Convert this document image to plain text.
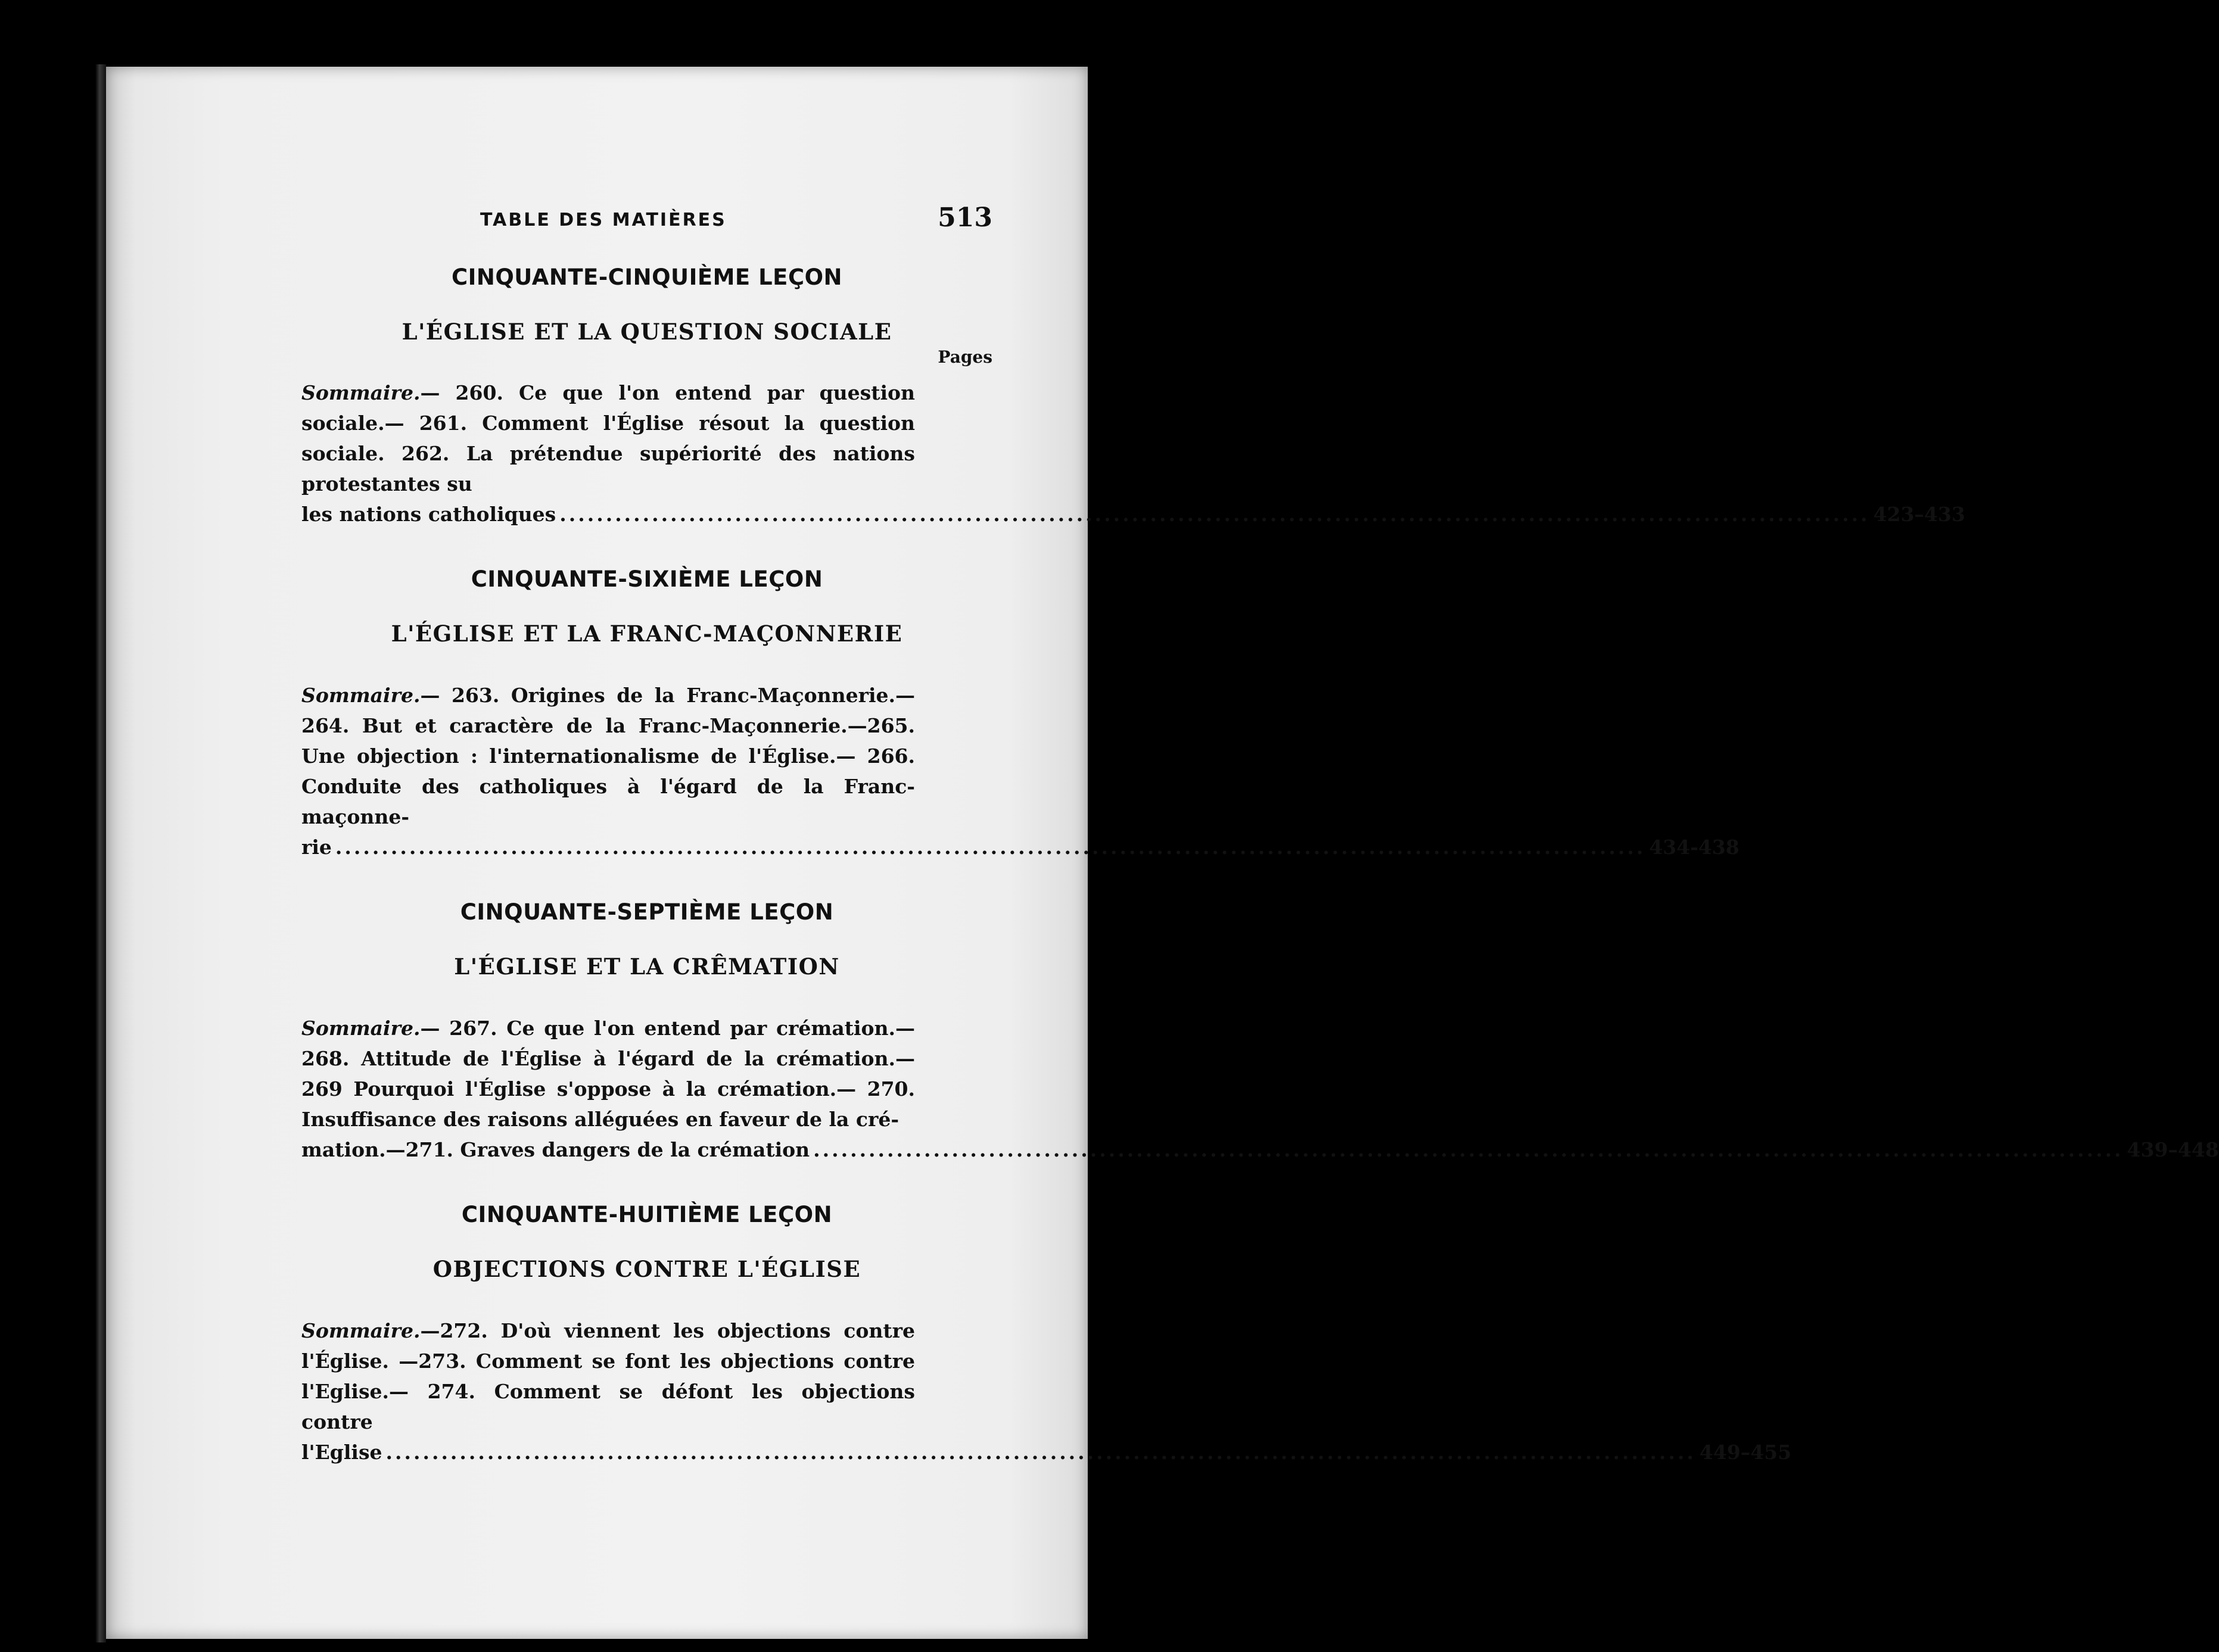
TABLE DES MATIÈRES	513
CINQUANTE-CINQUIÈME LEÇON
L'ÉGLISE ET LA QUESTION SOCIALE
Pages
Sommaire.— 260. Ce que l'on entend par question sociale.— 261. Comment l'Église résout la question sociale. 262. La prétendue supériorité des nations protestantes su
les nations catholiques .............................................................................................................................................. 423–433
CINQUANTE-SIXIÈME LEÇON
L'ÉGLISE ET LA FRANC-MAÇONNERIE
Sommaire.— 263. Origines de la Franc-Maçonnerie.— 264. But et caractère de la Franc-Maçonnerie.—265. Une objection : l'internationalisme de l'Église.— 266. Conduite des catholiques à l'égard de la Franc-maçonne-
rie .............................................................................................................................................. 434-438
CINQUANTE-SEPTIÈME LEÇON
L'ÉGLISE ET LA CRÊMATION
Sommaire.— 267. Ce que l'on entend par crémation.— 268. Attitude de l'Église à l'égard de la crémation.— 269 Pourquoi l'Église s'oppose à la crémation.— 270. Insuffisance des raisons alléguées en faveur de la cré-
mation.—271. Graves dangers de la crémation .............................................................................................................................................. 439–448
CINQUANTE-HUITIÈME LEÇON
OBJECTIONS CONTRE L'ÉGLISE
Sommaire.—272. D'où viennent les objections contre l'Église. —273. Comment se font les objections contre l'Eglise.— 274. Comment se défont les objections contre
l'Eglise .............................................................................................................................................. 449–455
